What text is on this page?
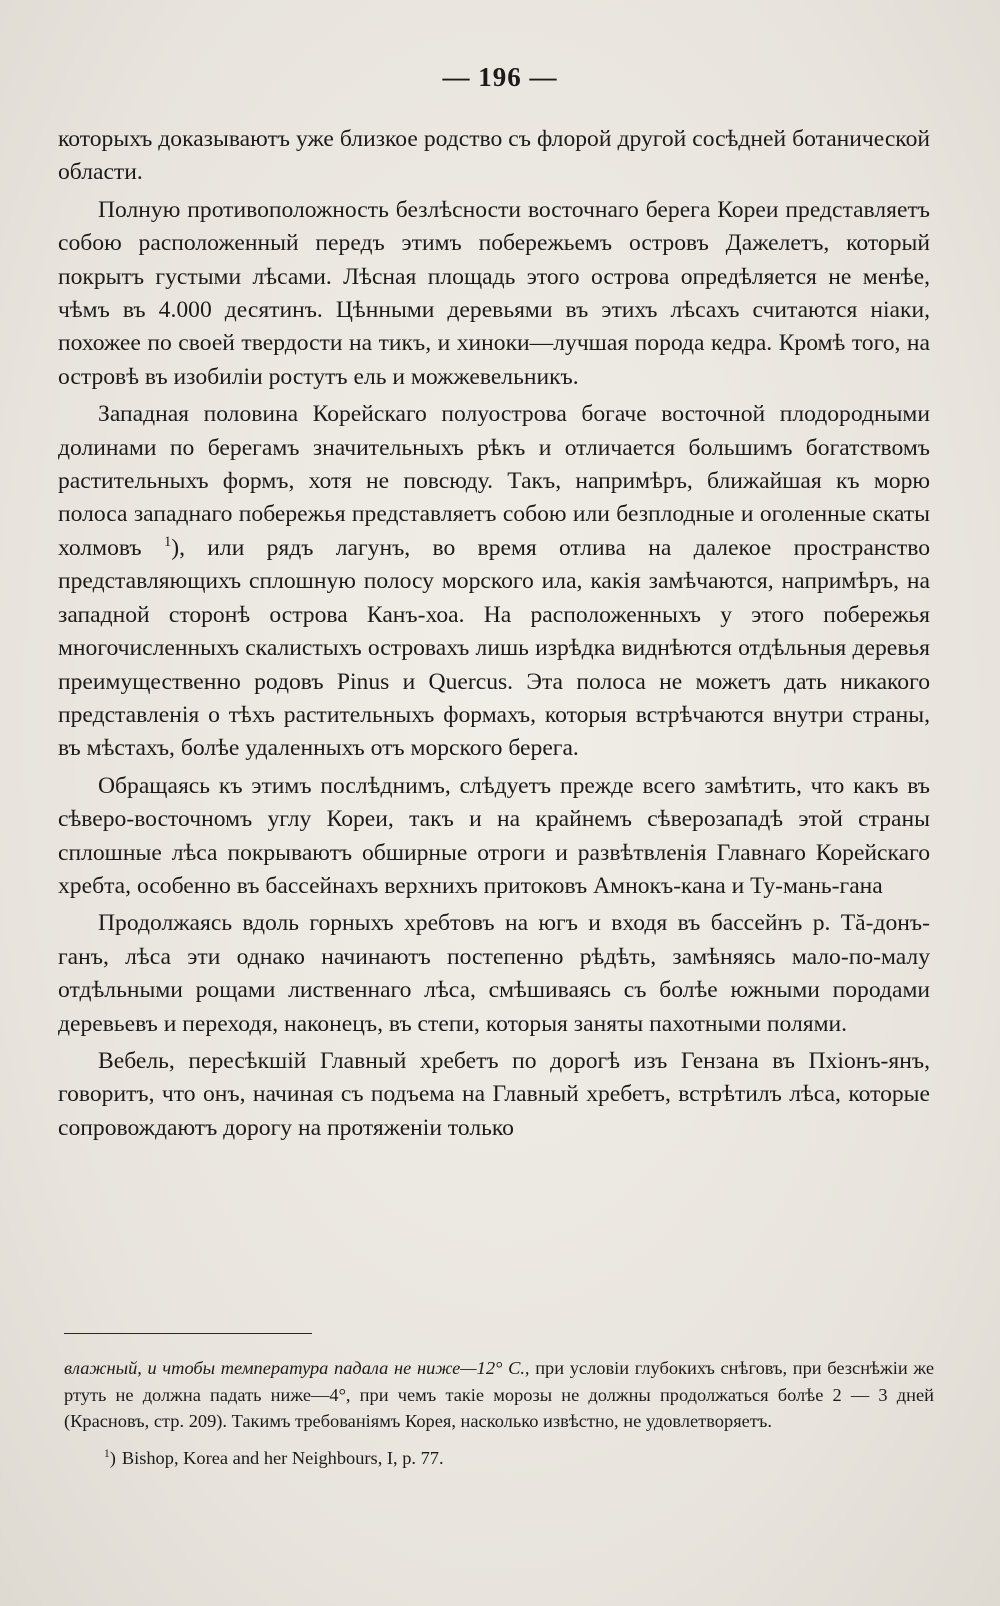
— 196 —

которыхъ доказываютъ уже близкое родство съ флорой другой сосѣдней ботанической области.

Полную противоположность безлѣсности восточнаго берега Кореи представляетъ собою расположенный передъ этимъ побережьемъ островъ Дажелетъ, который покрытъ густыми лѣсами. Лѣсная площадь этого острова опредѣляется не менѣе, чѣмъ въ 4.000 десятинъ. Цѣнными деревьями въ этихъ лѣсахъ считаются ніаки, похожее по своей твердости на тикъ, и хиноки—лучшая порода кедра. Кромѣ того, на островѣ въ изобиліи ростутъ ель и можжевельникъ.

Западная половина Корейскаго полуострова богаче восточной плодородными долинами по берегамъ значительныхъ рѣкъ и отличается большимъ богатствомъ растительныхъ формъ, хотя не повсюду. Такъ, напримѣръ, ближайшая къ морю полоса западнаго побережья представляетъ собою или безплодные и оголенные скаты холмовъ $^1$), или рядъ лагунъ, во время отлива на далекое пространство представляющихъ сплошную полосу морского ила, какія замѣчаются, напримѣръ, на западной сторонѣ острова Канъ-хоа. На расположенныхъ у этого побережья многочисленныхъ скалистыхъ островахъ лишь изрѣдка виднѣются отдѣльныя деревья преимущественно родовъ Pinus и Quercus. Эта полоса не можетъ дать никакого представленія о тѣхъ растительныхъ формахъ, которыя встрѣчаются внутри страны, въ мѣстахъ, болѣе удаленныхъ отъ морского берега.

Обращаясь къ этимъ послѣднимъ, слѣдуетъ прежде всего замѣтить, что какъ въ сѣверо-восточномъ углу Кореи, такъ и на крайнемъ сѣверозападѣ этой страны сплошные лѣса покрываютъ обширные отроги и развѣтвленія Главнаго Корейскаго хребта, особенно въ бассейнахъ верхнихъ притоковъ Амнокъ-кана и Ту-мань-гана

Продолжаясь вдоль горныхъ хребтовъ на югъ и входя въ бассейнъ р. Тă-донъ-ганъ, лѣса эти однако начинаютъ постепенно рѣдѣть, замѣняясь мало-по-малу отдѣльными рощами лиственнаго лѣса, смѣшиваясь съ болѣе южными породами деревьевъ и переходя, наконецъ, въ степи, которыя заняты пахотными полями.

Вебель, пересѣкшій Главный хребетъ по дорогѣ изъ Гензана въ Пхіонъ-янъ, говоритъ, что онъ, начиная съ подъема на Главный хребетъ, встрѣтилъ лѣса, которые сопровождаютъ дорогу на протяженіи только

влажный, и чтобы температура падала не ниже—12° С., при условіи глубокихъ снѣговъ, при безснѣжіи же ртуть не должна падать ниже—4°, при чемъ такіе морозы не должны продолжаться болѣе 2 — 3 дней (Красновъ, стр. 209). Такимъ требованіямъ Корея, насколько извѣстно, не удовлетворяетъ.

$^1$) Bishop, Korea and her Neighbours, I, p. 77.
